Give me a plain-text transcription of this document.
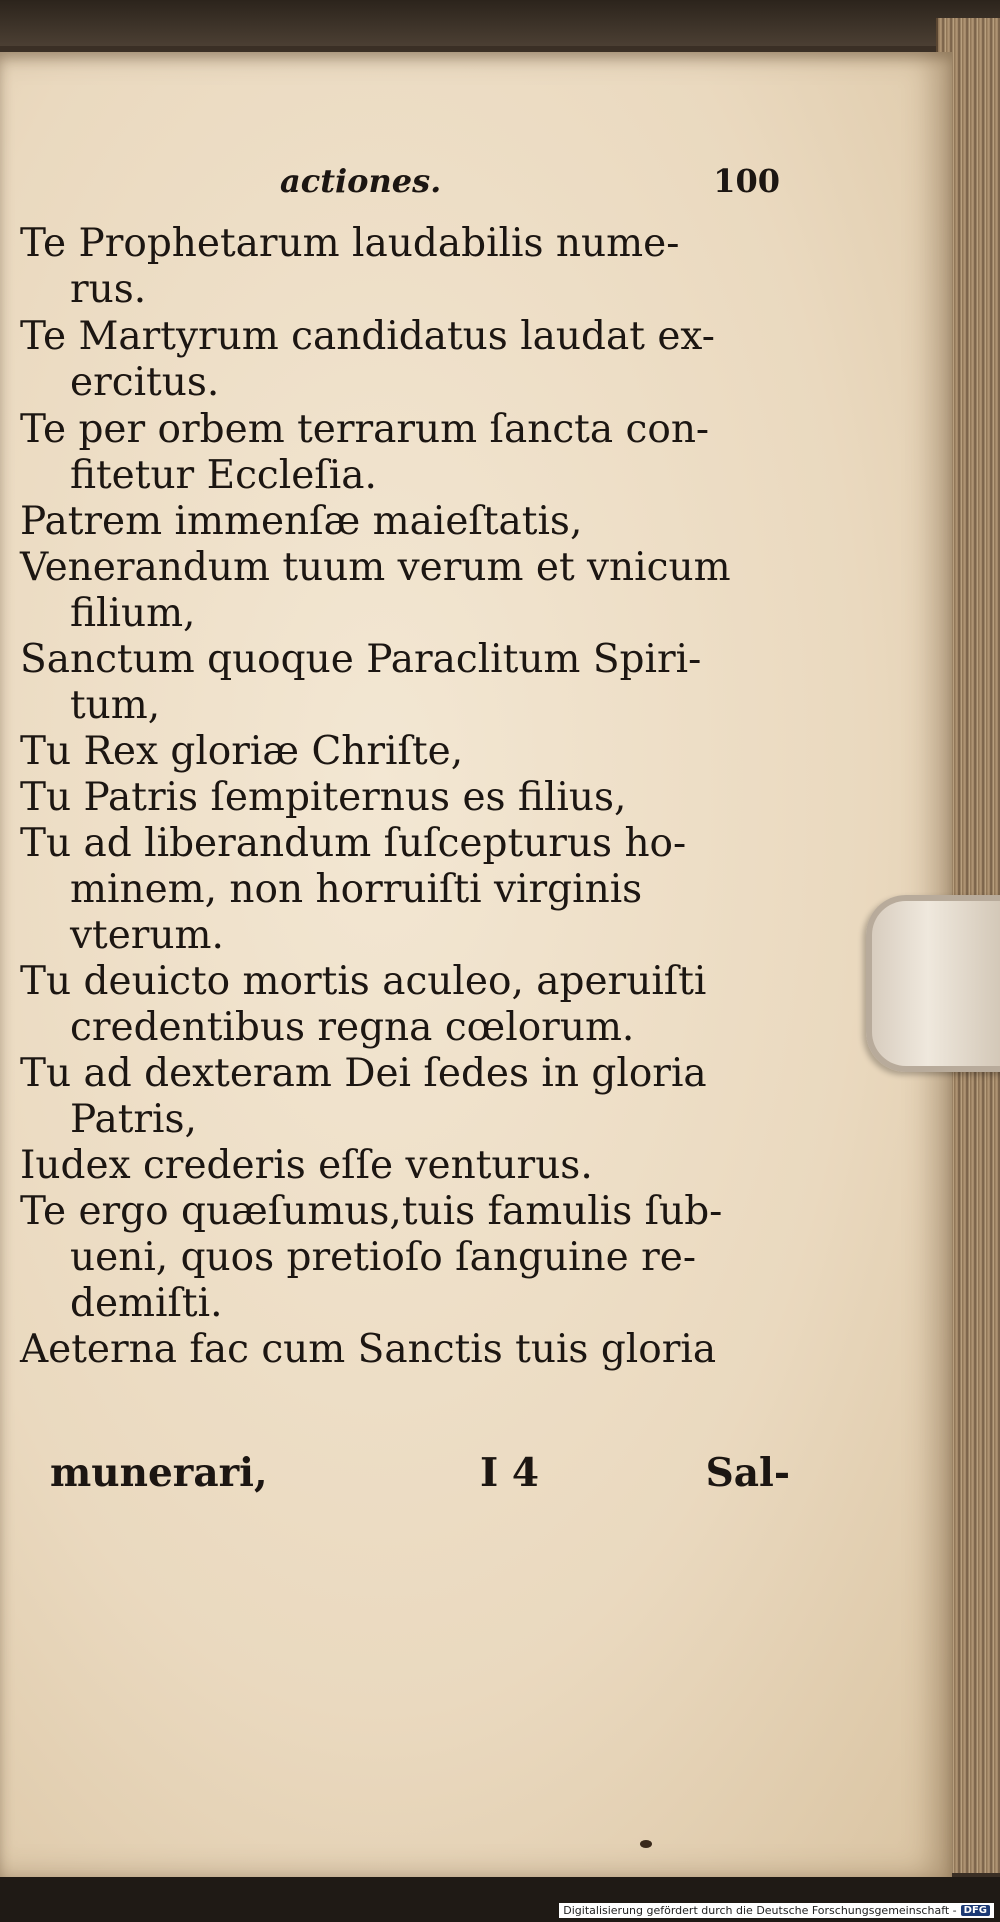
actiones.	100
Te Prophetarum laudabilis nume-
rus.
Te Martyrum candidatus laudat ex-
ercitus.
Te per orbem terrarum ſancta con-
fitetur Eccleſia.
Patrem immenſæ maieſtatis,
Venerandum tuum verum et vnicum
filium,
Sanctum quoque Paraclitum Spiri-
tum,
Tu Rex gloriæ Chriſte,
Tu Patris ſempiternus es filius,
Tu ad liberandum ſuſcepturus ho-
minem, non horruiſti virginis
vterum.
Tu deuicto mortis aculeo, aperuiſti
credentibus regna cœlorum.
Tu ad dexteram Dei ſedes in gloria
Patris,
Iudex crederis eſſe venturus.
Te ergo quæſumus,tuis famulis ſub-
ueni, quos pretioſo ſanguine re-
demiſti.
Aeterna fac cum Sanctis tuis gloria
munerari,	I 4	Sal-
Digitalisierung gefördert durch die Deutsche Forschungsgemeinschaft - DFG
